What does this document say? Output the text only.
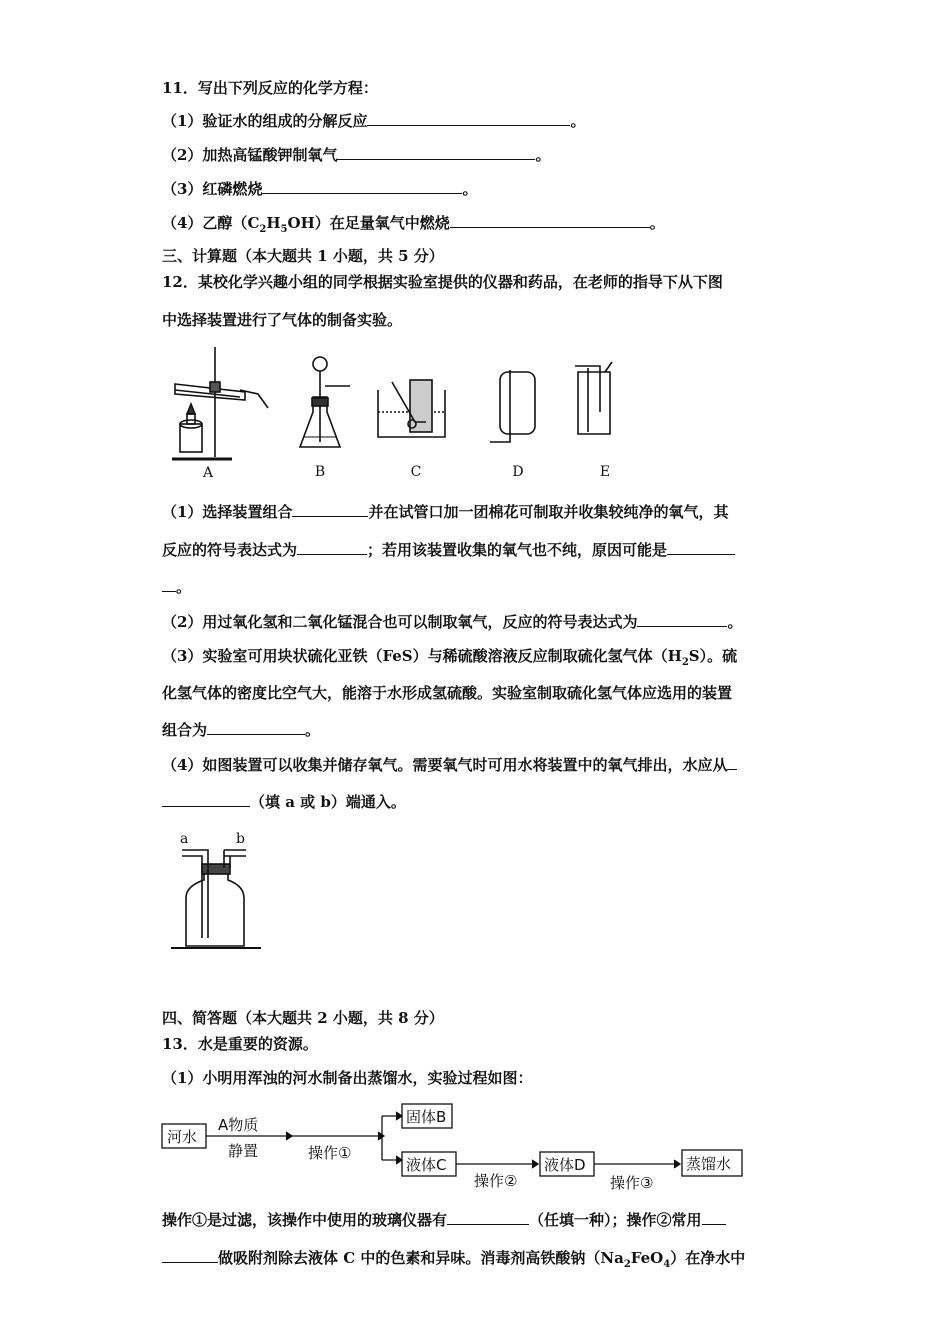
11．写出下列反应的化学方程：
（1）验证水的组成的分解反应	。
（2）加热高锰酸钾制氧气	。
（3）红磷燃烧	。
（4）乙醇$(C_2H_5OH)$在足量氧气中燃烧	。
三、计算题（本大题共 1 小题，共 5 分）
12．某校化学兴趣小组的同学根据实验室提供的仪器和药品，在老师的指导下从下图
中选择装置进行了气体的制备实验。
A	B	C	D	E
（1）选择装置组合	并在试管口加一团棉花可制取并收集较纯净的氧气，其
反应的符号表达式为	；若用该装置收集的氧气也不纯，原因可能是
。
（2）用过氧化氢和二氧化锰混合也可以制取氧气，反应的符号表达式为	。
（3）实验室可用块状硫化亚铁（FeS）与稀硫酸溶液反应制取硫化氢气体$(H_2S)$。硫
化氢气体的密度比空气大，能溶于水形成氢硫酸。实验室制取硫化氢气体应选用的装置
组合为	。
（4）如图装置可以收集并储存氧气。需要氧气时可用水将装置中的氧气排出，水应从
（填 a 或 b）端通入。
a	b
四、简答题（本大题共 2 小题，共 8 分）
13．水是重要的资源。
（1）小明用浑浊的河水制备出蒸馏水，实验过程如图：
河水
A物质
静置	操作①
固体B
液体C
操作②
液体D
操作③
蒸馏水
操作①是过滤，该操作中使用的玻璃仪器有	（任填一种）；操作②常用
做吸附剂除去液体 C 中的色素和异味。消毒剂高铁酸钠$(Na_2FeO_4)$在净水中
